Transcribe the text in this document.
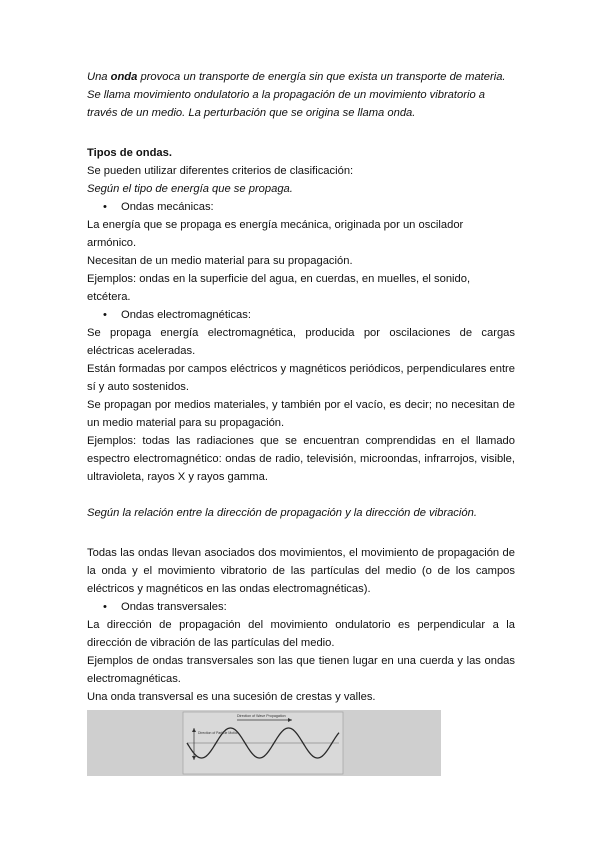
Una onda provoca un transporte de energía sin que exista un transporte de materia.

Se llama movimiento ondulatorio a la propagación de un movimiento vibratorio a través de un medio. La perturbación que se origina se llama onda.

Tipos de ondas.

Se pueden utilizar diferentes criterios de clasificación:

Según el tipo de energía que se propaga.

•	Ondas mecánicas:

La energía que se propaga es energía mecánica, originada por un oscilador armónico.

Necesitan de un medio material para su propagación.

Ejemplos: ondas en la superficie del agua, en cuerdas, en muelles, el sonido, etcétera.

•	Ondas electromagnéticas:

Se propaga energía electromagnética, producida por oscilaciones de cargas eléctricas aceleradas.

Están formadas por campos eléctricos y magnéticos periódicos, perpendiculares entre sí y auto sostenidos.

Se propagan por medios materiales, y también por el vacío, es decir; no necesitan de un medio material para su propagación.

Ejemplos: todas las radiaciones que se encuentran comprendidas en el llamado espectro electromagnético: ondas de radio, televisión, microondas, infrarrojos, visible, ultravioleta, rayos X y rayos gamma.

Según la relación entre la dirección de propagación y la dirección de vibración.

Todas las ondas llevan asociados dos movimientos, el movimiento de propagación de la onda y el movimiento vibratorio de las partículas del medio (o de los campos eléctricos y magnéticos en las ondas electromagnéticas).

•	Ondas transversales:

La dirección de propagación del movimiento ondulatorio es perpendicular a la dirección de vibración de las partículas del medio.

Ejemplos de ondas transversales son las que tienen lugar en una cuerda y las ondas electromagnéticas.

Una onda transversal es una sucesión de crestas y valles.

Direction of Wave Propagation
Direction of Particle Motion
